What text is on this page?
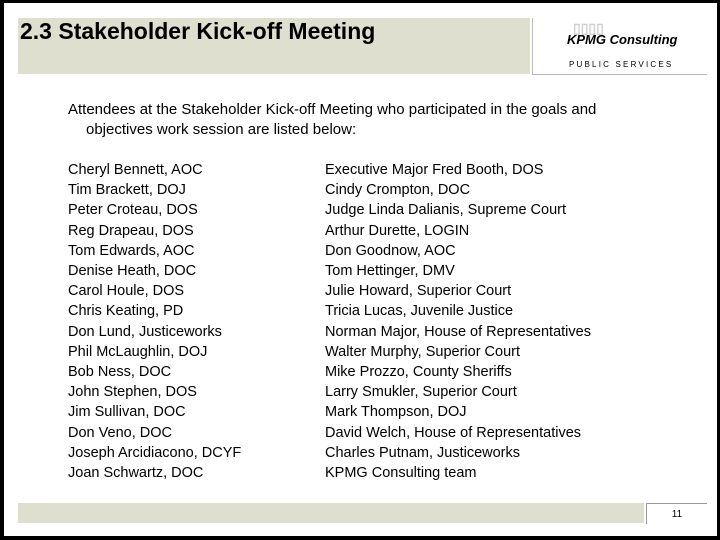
2.3 Stakeholder Kick-off Meeting	▯▯▯▯
KPMG Consulting
PUBLIC SERVICES
Attendees at the Stakeholder Kick-off Meeting who participated in the goals and
objectives work session are listed below:
Cheryl Bennett, AOC
Tim Brackett, DOJ
Peter Croteau, DOS
Reg Drapeau, DOS
Tom Edwards, AOC
Denise Heath, DOC
Carol Houle, DOS
Chris Keating, PD
Don Lund, Justiceworks
Phil McLaughlin, DOJ
Bob Ness, DOC
John Stephen, DOS
Jim Sullivan, DOC
Don Veno, DOC
Joseph Arcidiacono, DCYF
Joan Schwartz, DOC
Executive Major Fred Booth, DOS
Cindy Crompton, DOC
Judge Linda Dalianis, Supreme Court
Arthur Durette, LOGIN
Don Goodnow, AOC
Tom Hettinger, DMV
Julie Howard, Superior Court
Tricia Lucas, Juvenile Justice
Norman Major, House of Representatives
Walter Murphy, Superior Court
Mike Prozzo, County Sheriffs
Larry Smukler, Superior Court
Mark Thompson, DOJ
David Welch, House of Representatives
Charles Putnam, Justiceworks
KPMG Consulting team
11
